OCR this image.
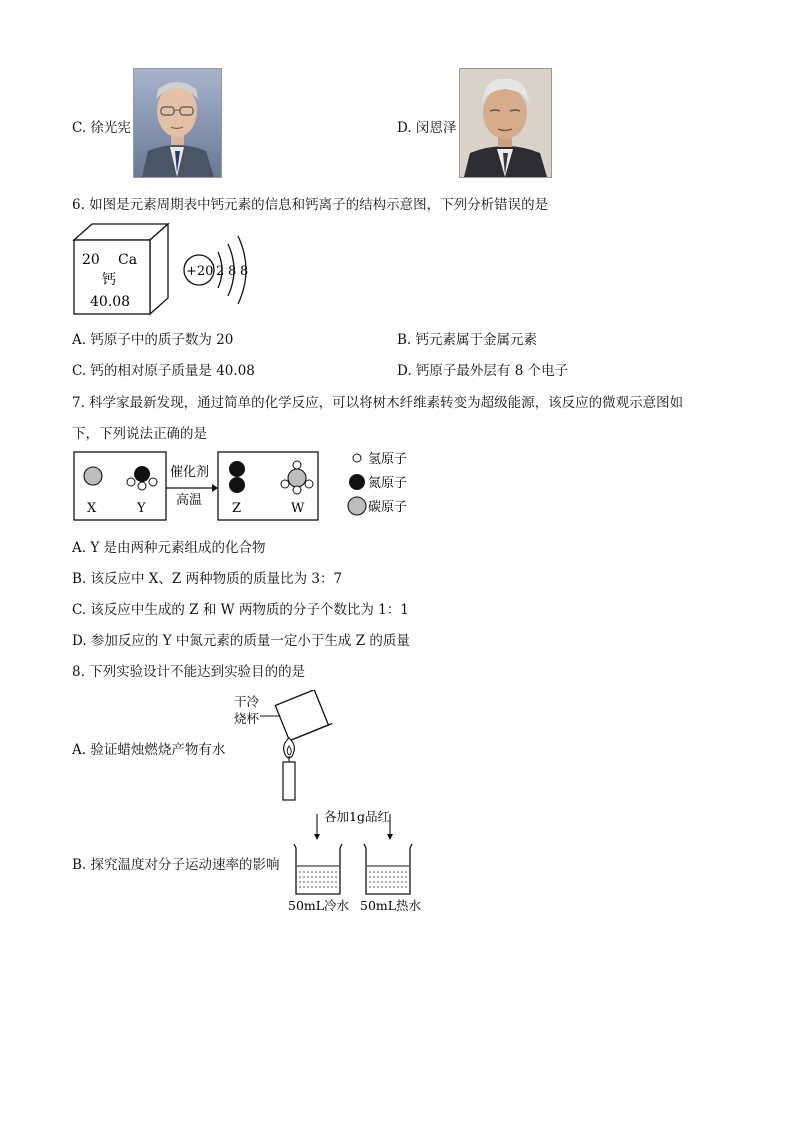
C. 徐光宪	D. 闵恩泽
6. 如图是元素周期表中钙元素的信息和钙离子的结构示意图，下列分析错误的是
20 Ca
钙
40.08
+20 2 8 8
A. 钙原子中的质子数为 20	B. 钙元素属于金属元素
C. 钙的相对原子质量是 40.08	D. 钙原子最外层有 8 个电子
7. 科学家最新发现，通过简单的化学反应，可以将树木纤维素转变为超级能源，该反应的微观示意图如
下，下列说法正确的是
X	Y
催化剂
高温
Z	W
氢原子
氮原子
碳原子
A. Y 是由两种元素组成的化合物
B. 该反应中 X、Z 两种物质的质量比为 3：7
C. 该反应中生成的 Z 和 W 两物质的分子个数比为 1：1
D. 参加反应的 Y 中氮元素的质量一定小于生成 Z 的质量
8. 下列实验设计不能达到实验目的的是
A. 验证蜡烛燃烧产物有水
干冷
烧杯
B. 探究温度对分子运动速率的影响
各加1g品红
50mL冷水 50mL热水
